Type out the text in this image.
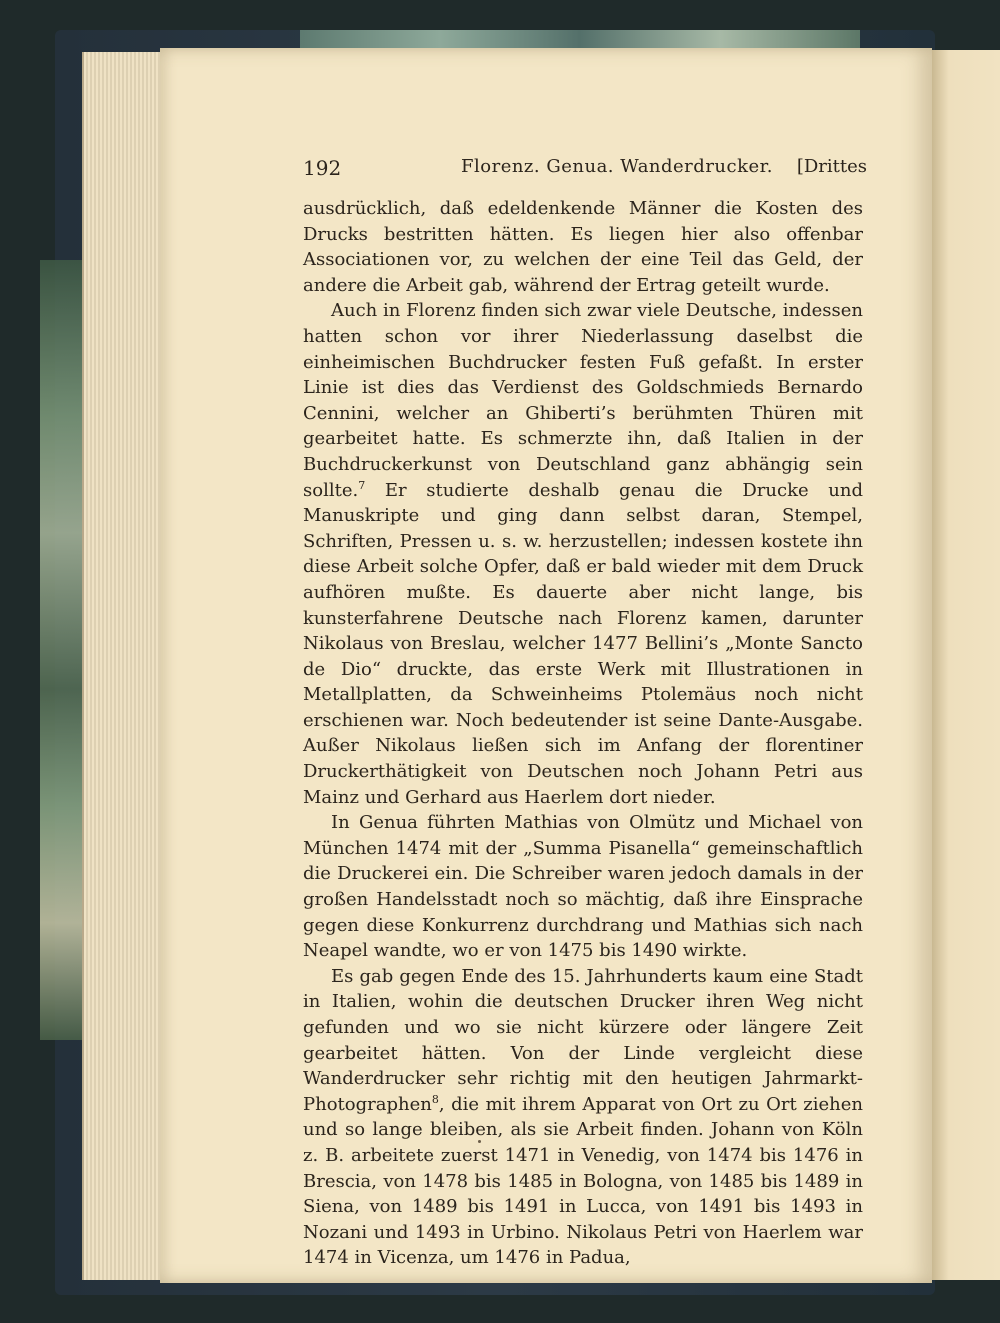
192	Florenz. Genua. Wanderdrucker. [Drittes

ausdrücklich, daß edeldenkende Männer die Kosten des Drucks bestritten hätten. Es liegen hier also offenbar Associationen vor, zu welchen der eine Teil das Geld, der andere die Arbeit gab, während der Ertrag geteilt wurde.

Auch in Florenz finden sich zwar viele Deutsche, indessen hatten schon vor ihrer Niederlassung daselbst die einheimischen Buchdrucker festen Fuß gefaßt. In erster Linie ist dies das Verdienst des Goldschmieds Bernardo Cennini, welcher an Ghiberti’s berühmten Thüren mit gearbeitet hatte. Es schmerzte ihn, daß Italien in der Buchdruckerkunst von Deutschland ganz abhängig sein sollte.$^7$ Er studierte deshalb genau die Drucke und Manuskripte und ging dann selbst daran, Stempel, Schriften, Pressen u. s. w. herzustellen; indessen kostete ihn diese Arbeit solche Opfer, daß er bald wieder mit dem Druck aufhören mußte. Es dauerte aber nicht lange, bis kunsterfahrene Deutsche nach Florenz kamen, darunter Nikolaus von Breslau, welcher 1477 Bellini’s „Monte Sancto de Dio“ druckte, das erste Werk mit Illustrationen in Metallplatten, da Schweinheims Ptolemäus noch nicht erschienen war. Noch bedeutender ist seine Dante-Ausgabe. Außer Nikolaus ließen sich im Anfang der florentiner Druckerthätigkeit von Deutschen noch Johann Petri aus Mainz und Gerhard aus Haerlem dort nieder.

In Genua führten Mathias von Olmütz und Michael von München 1474 mit der „Summa Pisanella“ gemeinschaftlich die Druckerei ein. Die Schreiber waren jedoch damals in der großen Handelsstadt noch so mächtig, daß ihre Einsprache gegen diese Konkurrenz durchdrang und Mathias sich nach Neapel wandte, wo er von 1475 bis 1490 wirkte.

Es gab gegen Ende des 15. Jahrhunderts kaum eine Stadt in Italien, wohin die deutschen Drucker ihren Weg nicht gefunden und wo sie nicht kürzere oder längere Zeit gearbeitet hätten. Von der Linde vergleicht diese Wanderdrucker sehr richtig mit den heutigen Jahrmarkt-Photographen$^8$, die mit ihrem Apparat von Ort zu Ort ziehen und so lange bleiben, als sie Arbeit finden. Johann von Köln z. B. arbeitete zuerst 1471 in Venedig, von 1474 bis 1476 in Brescia, von 1478 bis 1485 in Bologna, von 1485 bis 1489 in Siena, von 1489 bis 1491 in Lucca, von 1491 bis 1493 in Nozani und 1493 in Urbino. Nikolaus Petri von Haerlem war 1474 in Vicenza, um 1476 in Padua,
